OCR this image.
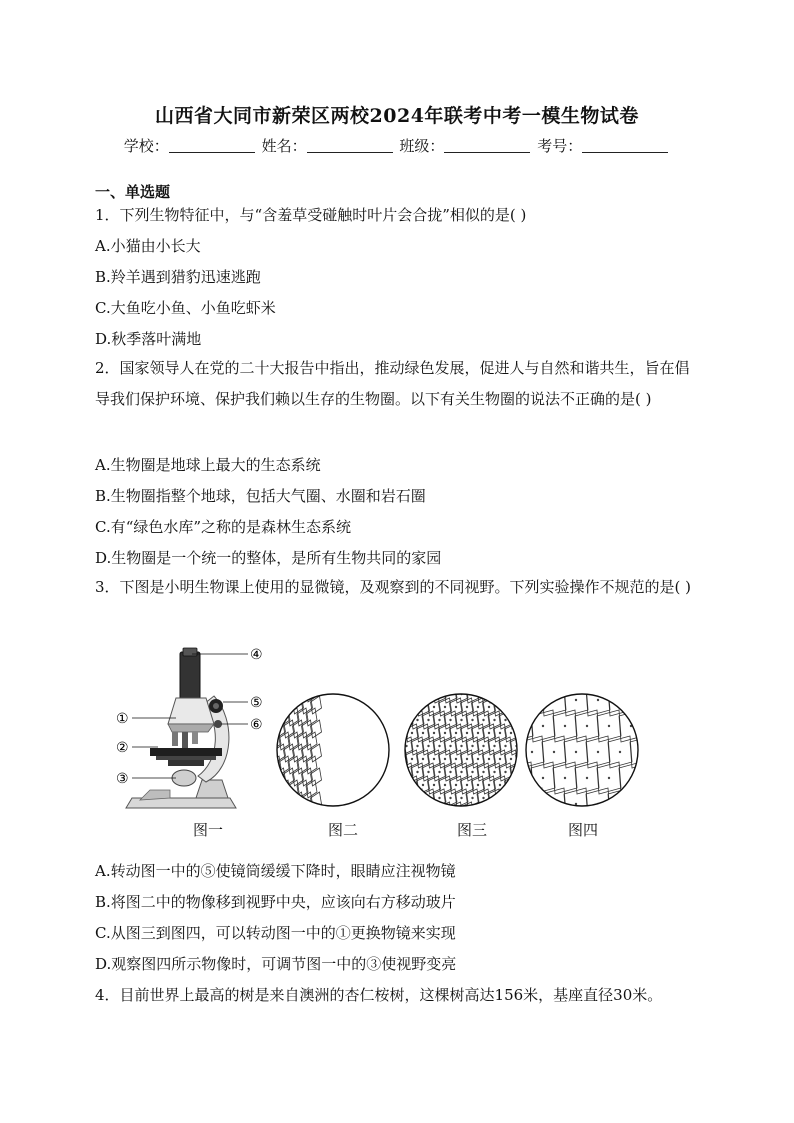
山西省大同市新荣区两校2024年联考中考一模生物试卷
学校：	姓名：	班级：	考号：
一、单选题
1．下列生物特征中，与“含羞草受碰触时叶片会合拢”相似的是( )
A.小猫由小长大
B.羚羊遇到猎豹迅速逃跑
C.大鱼吃小鱼、小鱼吃虾米
D.秋季落叶满地
2．国家领导人在党的二十大报告中指出，推动绿色发展，促进人与自然和谐共生，旨在倡导我们保护环境、保护我们赖以生存的生物圈。以下有关生物圈的说法不正确的是( )
A.生物圈是地球上最大的生态系统
B.生物圈指整个地球，包括大气圈、水圈和岩石圈
C.有“绿色水库”之称的是森林生态系统
D.生物圈是一个统一的整体，是所有生物共同的家园
3．下图是小明生物课上使用的显微镜，及观察到的不同视野。下列实验操作不规范的是( )
④
⑤
⑥
①
②
③
图一	图二	图三	图四
A.转动图一中的⑤使镜筒缓缓下降时，眼睛应注视物镜
B.将图二中的物像移到视野中央，应该向右方移动玻片
C.从图三到图四，可以转动图一中的①更换物镜来实现
D.观察图四所示物像时，可调节图一中的③使视野变亮
4．目前世界上最高的树是来自澳洲的杏仁桉树，这棵树高达156米，基座直径30米。
